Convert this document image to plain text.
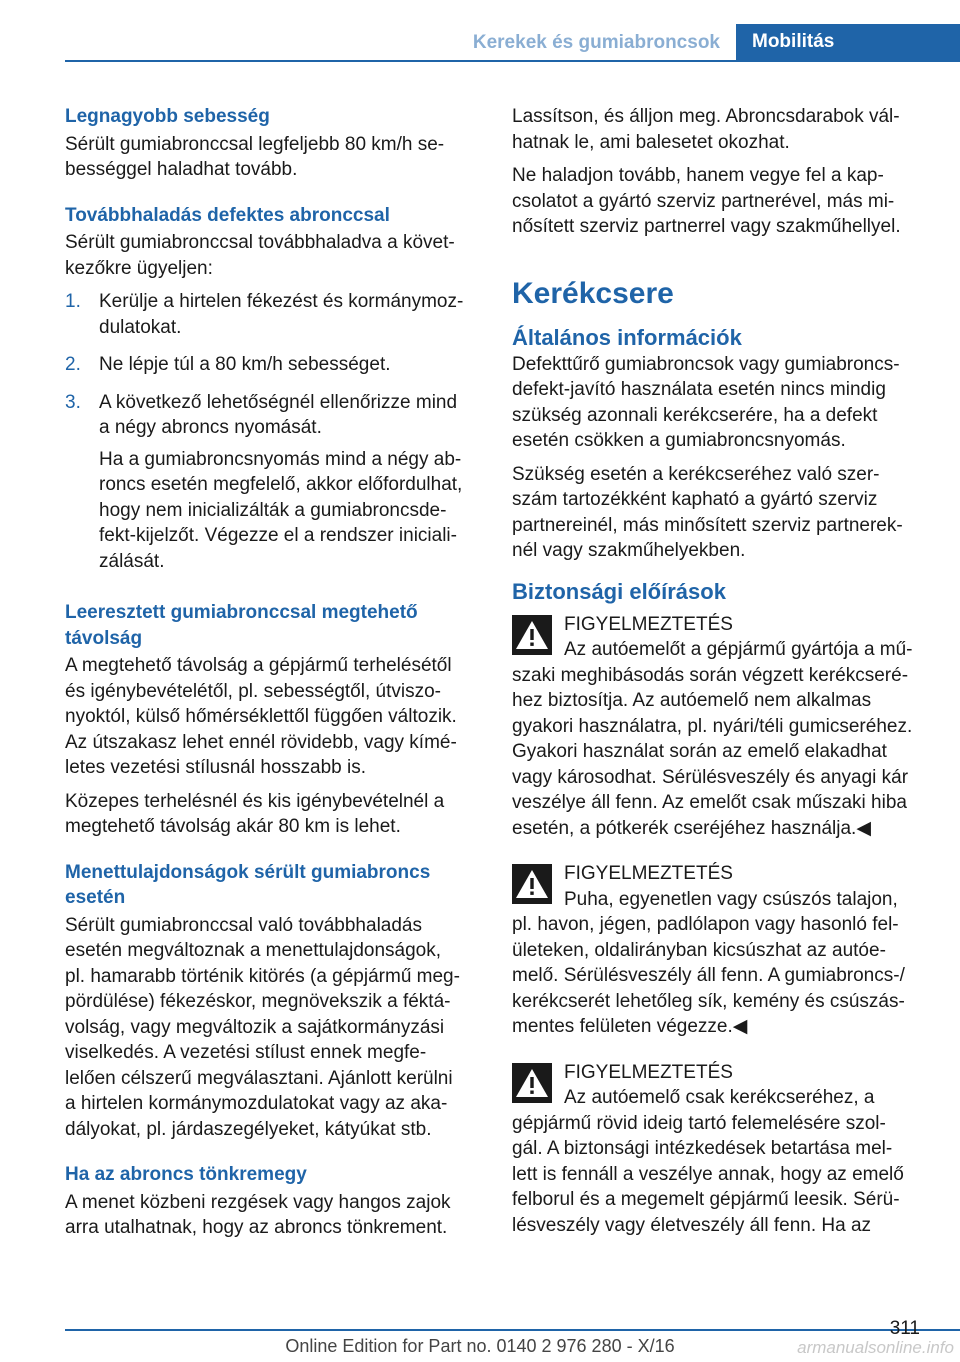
Kerekek és gumiabroncsok	Mobilitás
Legnagyobb sebesség

Sérült gumiabronccsal legfeljebb 80 km/h se-
bességgel haladhat tovább.

Továbbhaladás defektes abronccsal

Sérült gumiabronccsal továbbhaladva a követ-
kezőkre ügyeljen:

1. Kerülje a hirtelen fékezést és kormánymoz-
dulatokat.

2. Ne lépje túl a 80 km/h sebességet.

3. A következő lehetőségnél ellenőrizze mind
a négy abroncs nyomását.

Ha a gumiabroncsnyomás mind a négy ab-
roncs esetén megfelelő, akkor előfordulhat,
hogy nem inicializálták a gumiabroncsde-
fekt-kijelzőt. Végezze el a rendszer iniciali-
zálását.

Leeresztett gumiabronccsal megtehető
távolság

A megtehető távolság a gépjármű terhelésétől
és igénybevételétől, pl. sebességtől, útviszo-
nyoktól, külső hőmérséklettől függően változik.
Az útszakasz lehet ennél rövidebb, vagy kímé-
letes vezetési stílusnál hosszabb is.

Közepes terhelésnél és kis igénybevételnél a
megtehető távolság akár 80 km is lehet.

Menettulajdonságok sérült gumiabroncs
esetén

Sérült gumiabronccsal való továbbhaladás
esetén megváltoznak a menettulajdonságok,
pl. hamarabb történik kitörés (a gépjármű meg-
pördülése) fékezéskor, megnövekszik a féktá-
volság, vagy megváltozik a sajátkormányzási
viselkedés. A vezetési stílust ennek megfe-
lelően célszerű megválasztani. Ajánlott kerülni
a hirtelen kormánymozdulatokat vagy az aka-
dályokat, pl. járdaszegélyeket, kátyúkat stb.

Ha az abroncs tönkremegy

A menet közbeni rezgések vagy hangos zajok
arra utalhatnak, hogy az abroncs tönkrement.

Lassítson, és álljon meg. Abroncsdarabok vál-
hatnak le, ami balesetet okozhat.

Ne haladjon tovább, hanem vegye fel a kap-
csolatot a gyártó szerviz partnerével, más mi-
nősített szerviz partnerrel vagy szakműhellyel.

Kerékcsere
Általános információk

Defekttűrő gumiabroncsok vagy gumiabroncs-
defekt-javító használata esetén nincs mindig
szükség azonnali kerékcserére, ha a defekt
esetén csökken a gumiabroncsnyomás.

Szükség esetén a kerékcseréhez való szer-
szám tartozékként kapható a gyártó szerviz
partnereinél, más minősített szerviz partnerek-
nél vagy szakműhelyekben.

Biztonsági előírások
FIGYELMEZTETÉS
Az autóemelőt a gépjármű gyártója a mű-

szaki meghibásodás során végzett kerékcseré-
hez biztosítja. Az autóemelő nem alkalmas
gyakori használatra, pl. nyári/téli gumicseréhez.
Gyakori használat során az emelő elakadhat
vagy károsodhat. Sérülésveszély és anyagi kár
veszélye áll fenn. Az emelőt csak műszaki hiba
esetén, a pótkerék cseréjéhez használja.◀

FIGYELMEZTETÉS
Puha, egyenetlen vagy csúszós talajon,

pl. havon, jégen, padlólapon vagy hasonló fel-
ületeken, oldalirányban kicsúszhat az autóe-
melő. Sérülésveszély áll fenn. A gumiabroncs-/
kerékcserét lehetőleg sík, kemény és csúszás-
mentes felületen végezze.◀

FIGYELMEZTETÉS
Az autóemelő csak kerékcseréhez, a

gépjármű rövid ideig tartó felemelésére szol-
gál. A biztonsági intézkedések betartása mel-
lett is fennáll a veszélye annak, hogy az emelő
felborul és a megemelt gépjármű leesik. Sérü-
lésveszély vagy életveszély áll fenn. Ha az

311
Online Edition for Part no. 0140 2 976 280 - X/16	armanualsonline.info
